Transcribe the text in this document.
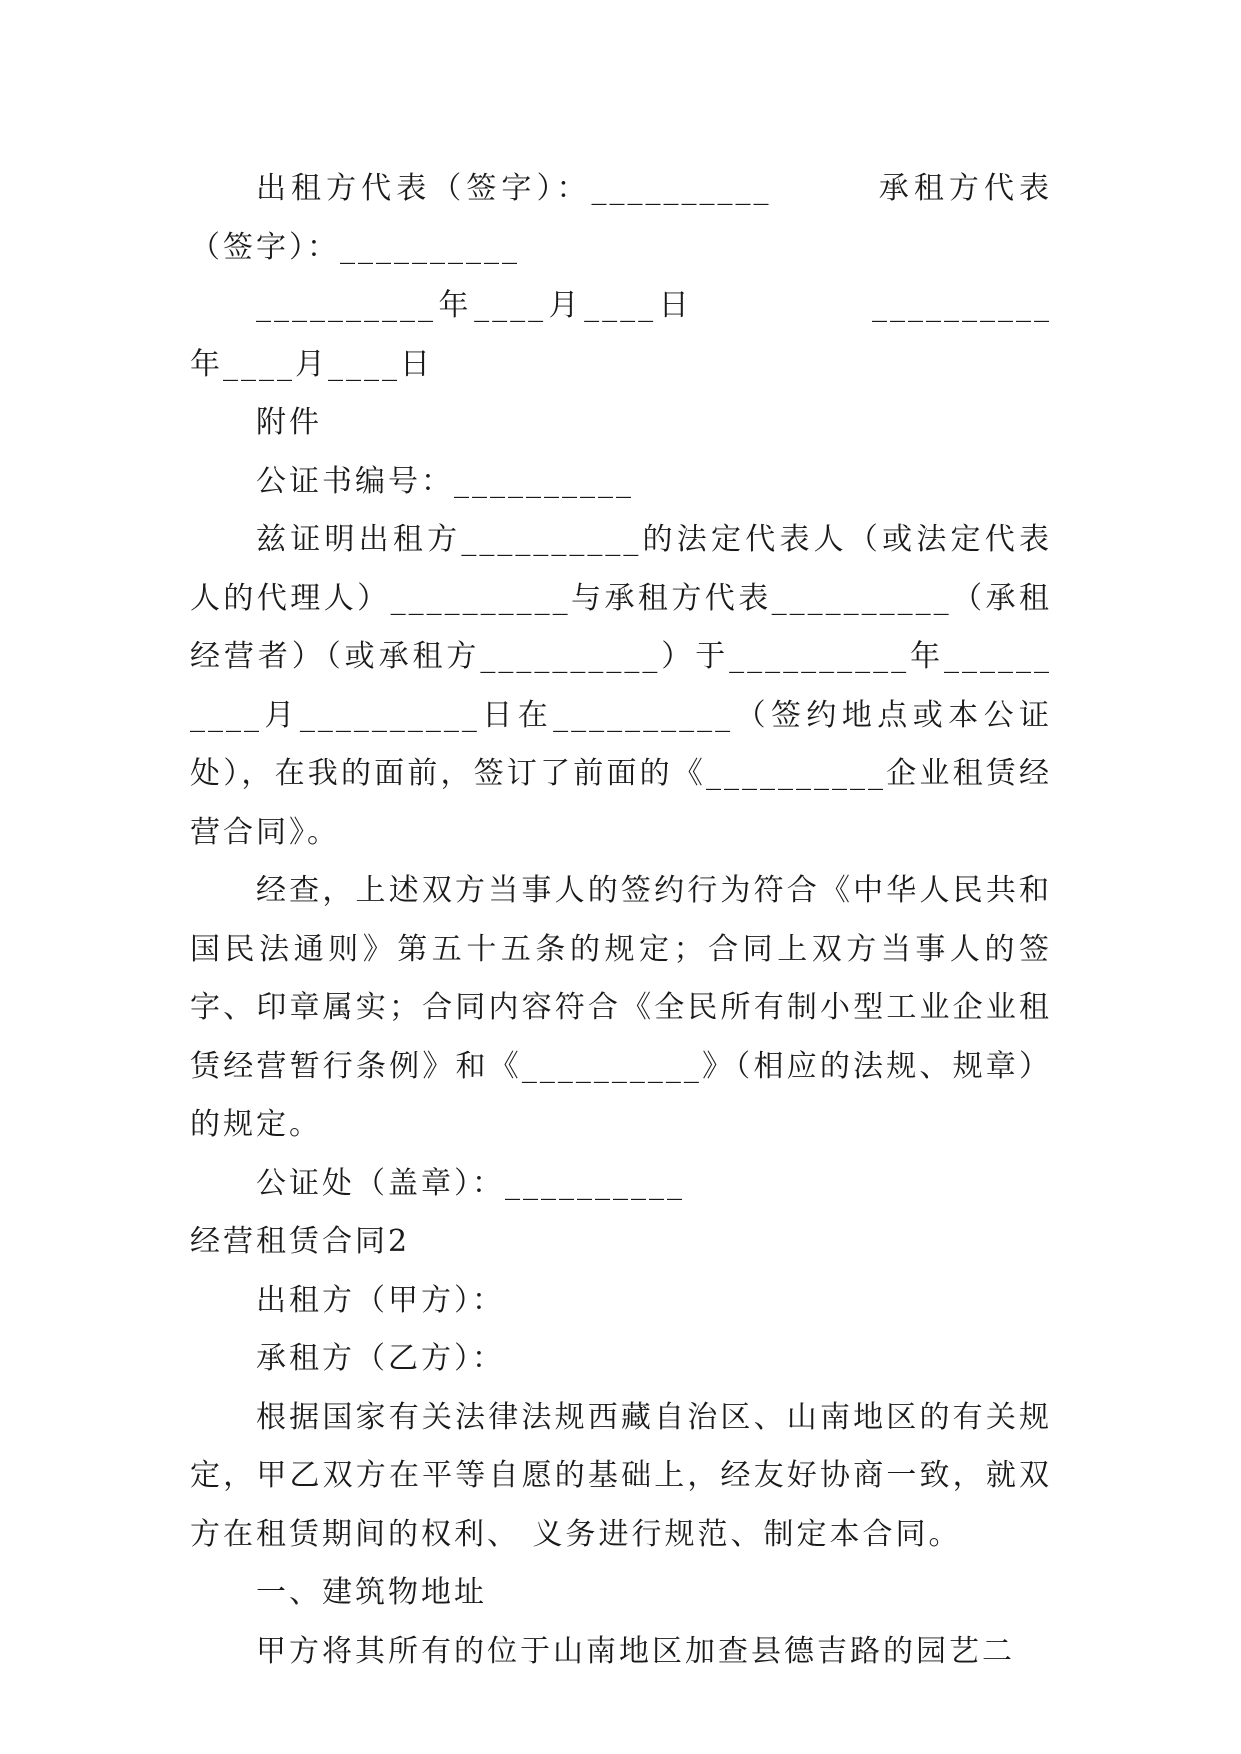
出租方代表（签字）：__________　　　承租方代表（签字）：__________

__________年____月____日　　　　　__________年____月____日

附件

公证书编号：__________

兹证明出租方__________的法定代表人（或法定代表人的代理人）__________与承租方代表__________（承租经营者）（或承租方__________）于__________年__________月__________日在__________（签约地点或本公证处），在我的面前，签订了前面的《__________企业租赁经营合同》。

经查，上述双方当事人的签约行为符合《中华人民共和国民法通则》第五十五条的规定；合同上双方当事人的签字、印章属实；合同内容符合《全民所有制小型工业企业租赁经营暂行条例》和《__________》（相应的法规、规章）的规定。

公证处（盖章）：__________

经营租赁合同2

出租方（甲方）：

承租方（乙方）：

根据国家有关法律法规西藏自治区、山南地区的有关规定，甲乙双方在平等自愿的基础上，经友好协商一致，就双方在租赁期间的权利、 义务进行规范、制定本合同。

一、建筑物地址

甲方将其所有的位于山南地区加查县德吉路的园艺二
